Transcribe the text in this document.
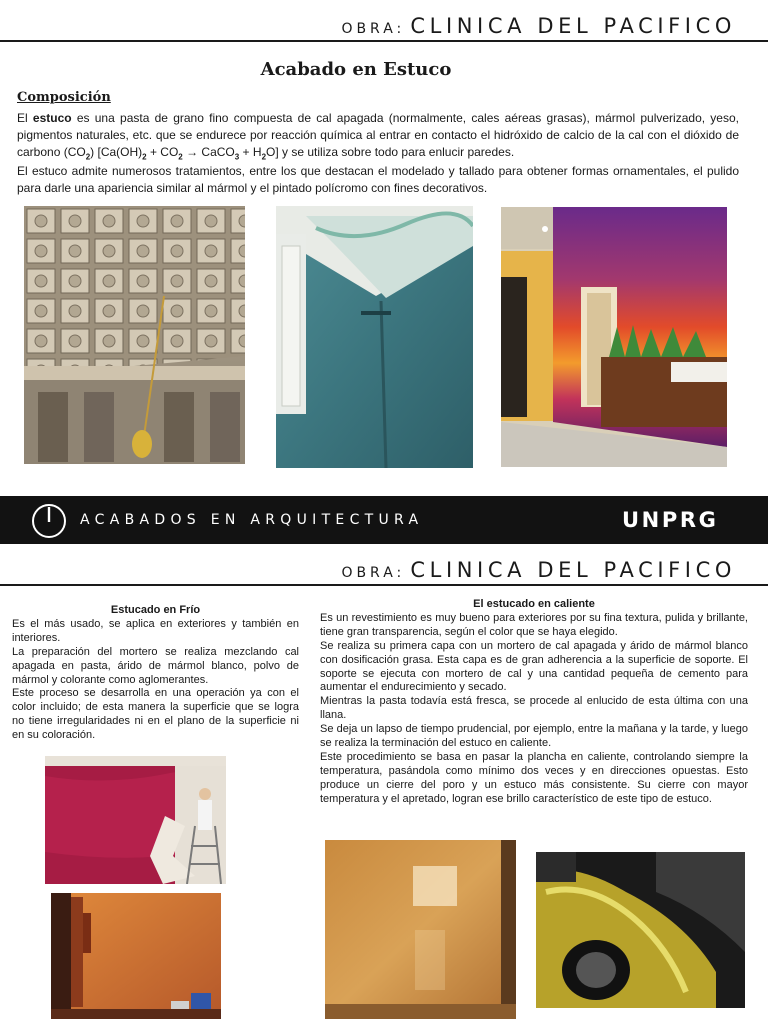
OBRA: CLINICA DEL PACIFICO
Acabado en Estuco
Composición
El estuco es una pasta de grano fino compuesta de cal apagada (normalmente, cales aéreas grasas), mármol pulverizado, yeso, pigmentos naturales, etc. que se endurece por reacción química al entrar en contacto el hidróxido de calcio de la cal con el dióxido de carbono $(CO_2) [Ca(OH)_2 + CO_2$ → CaCO$_3$ + $H_2O$] y se utiliza sobre todo para enlucir paredes.
El estuco admite numerosos tratamientos, entre los que destacan el modelado y tallado para obtener formas ornamentales, el pulido para darle una apariencia similar al mármol y el pintado polícromo con fines decorativos.
ACABADOS EN ARQUITECTURA	UNPRG
OBRA: CLINICA DEL PACIFICO
Estucado en Frío

Es el más usado, se aplica en exteriores y también en interiores.

La preparación del mortero se realiza mezclando cal apagada en pasta, árido de mármol blanco, polvo de mármol y colorante como aglomerantes.

Este proceso se desarrolla en una operación ya con el color incluido; de esta manera la superficie que se logra no tiene irregularidades ni en el plano de la superficie ni en su coloración.

El estucado en caliente

Es un revestimiento es muy bueno para exteriores por su fina textura, pulida y brillante, tiene gran transparencia, según el color que se haya elegido.

Se realiza su primera capa con un mortero de cal apagada y árido de mármol blanco con dosificación grasa. Esta capa es de gran adherencia a la superficie de soporte. El soporte se ejecuta con mortero de cal y una cantidad pequeña de cemento para aumentar el endurecimiento y secado.

Mientras la pasta todavía está fresca, se procede al enlucido de esta última con una llana.

Se deja un lapso de tiempo prudencial, por ejemplo, entre la mañana y la tarde, y luego se realiza la terminación del estuco en caliente.

Este procedimiento se basa en pasar la plancha en caliente, controlando siempre la temperatura, pasándola como mínimo dos veces y en direcciones opuestas. Esto produce un cierre del poro y un estuco más consistente. Su cierre con mayor temperatura y el apretado, logran ese brillo característico de este tipo de estuco.
